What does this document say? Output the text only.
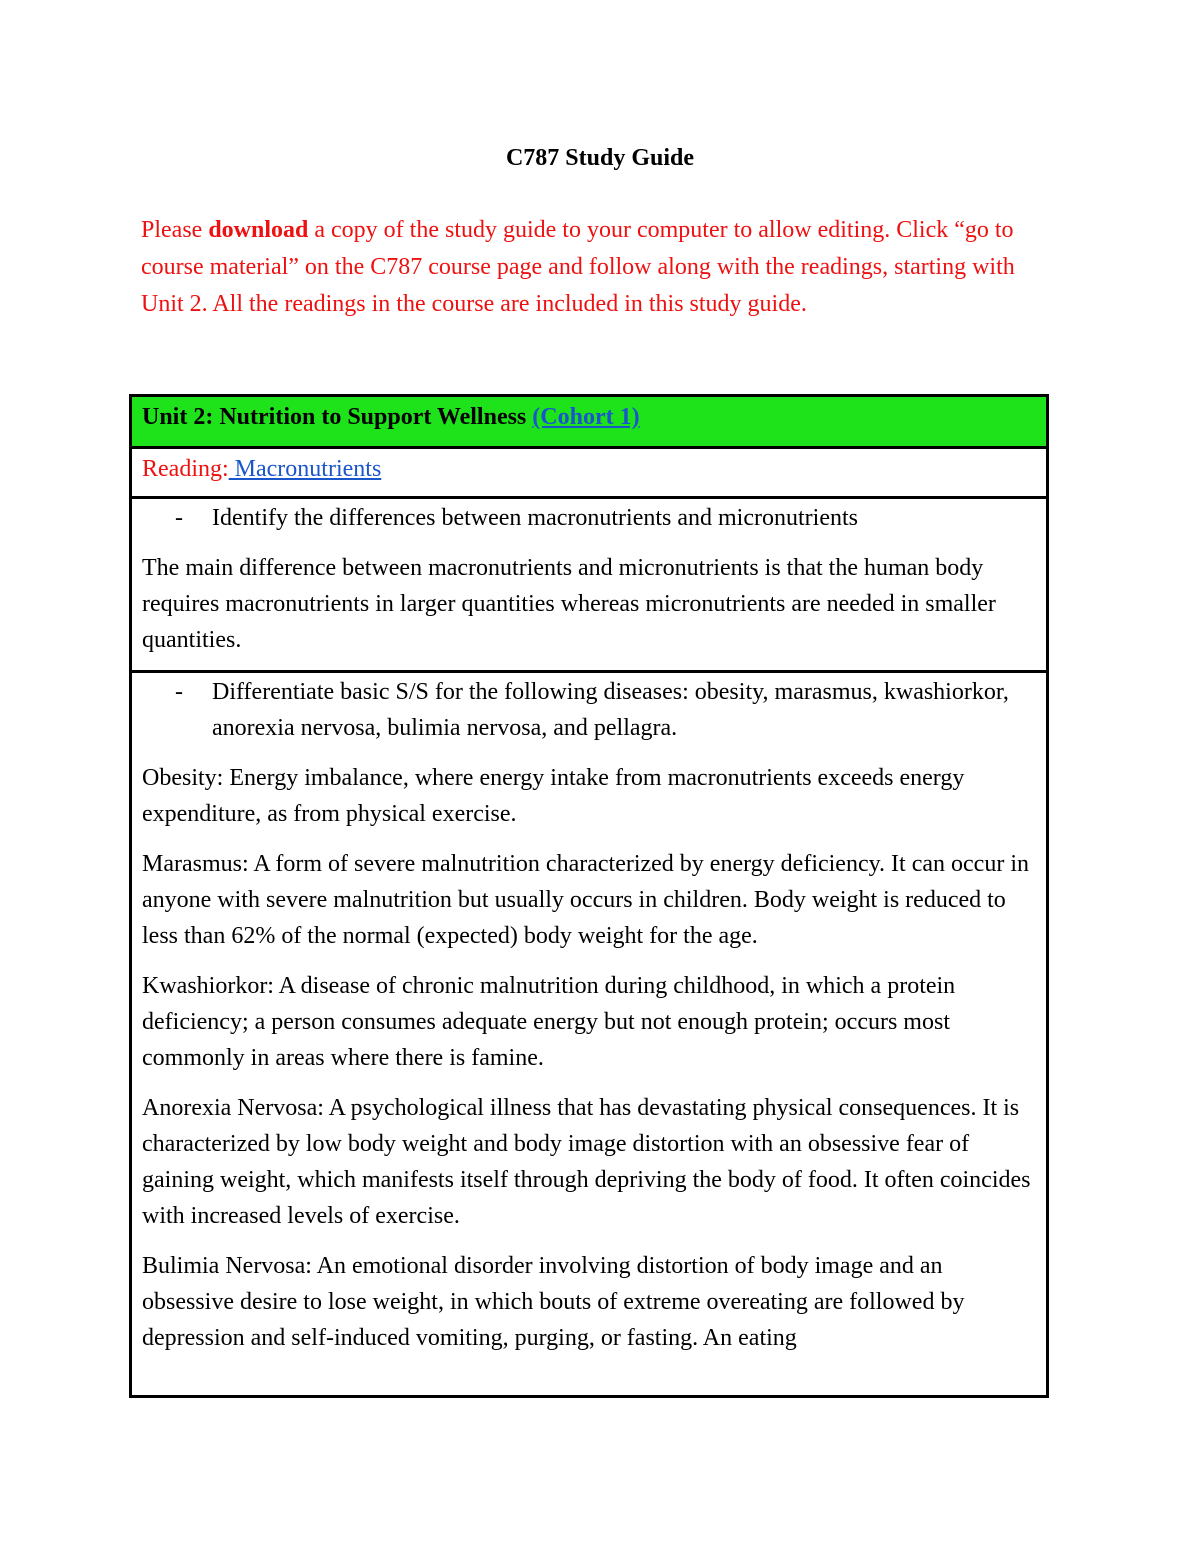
C787 Study Guide
Please download a copy of the study guide to your computer to allow editing. Click “go to course material” on the C787 course page and follow along with the readings, starting with Unit 2. All the readings in the course are included in this study guide.
Unit 2: Nutrition to Support Wellness (Cohort 1)
Reading: Macronutrients
-	Identify the differences between macronutrients and micronutrients
The main difference between macronutrients and micronutrients is that the human body requires macronutrients in larger quantities whereas micronutrients are needed in smaller quantities.
-	Differentiate basic S/S for the following diseases: obesity, marasmus, kwashiorkor, anorexia nervosa, bulimia nervosa, and pellagra.

Obesity: Energy imbalance, where energy intake from macronutrients exceeds energy expenditure, as from physical exercise.

Marasmus: A form of severe malnutrition characterized by energy deficiency. It can occur in anyone with severe malnutrition but usually occurs in children. Body weight is reduced to less than 62% of the normal (expected) body weight for the age.

Kwashiorkor: A disease of chronic malnutrition during childhood, in which a protein deficiency; a person consumes adequate energy but not enough protein; occurs most commonly in areas where there is famine.

Anorexia Nervosa: A psychological illness that has devastating physical consequences. It is characterized by low body weight and body image distortion with an obsessive fear of gaining weight, which manifests itself through depriving the body of food. It often coincides with increased levels of exercise.

Bulimia Nervosa: An emotional disorder involving distortion of body image and an obsessive desire to lose weight, in which bouts of extreme overeating are followed by depression and self-induced vomiting, purging, or fasting. An eating
